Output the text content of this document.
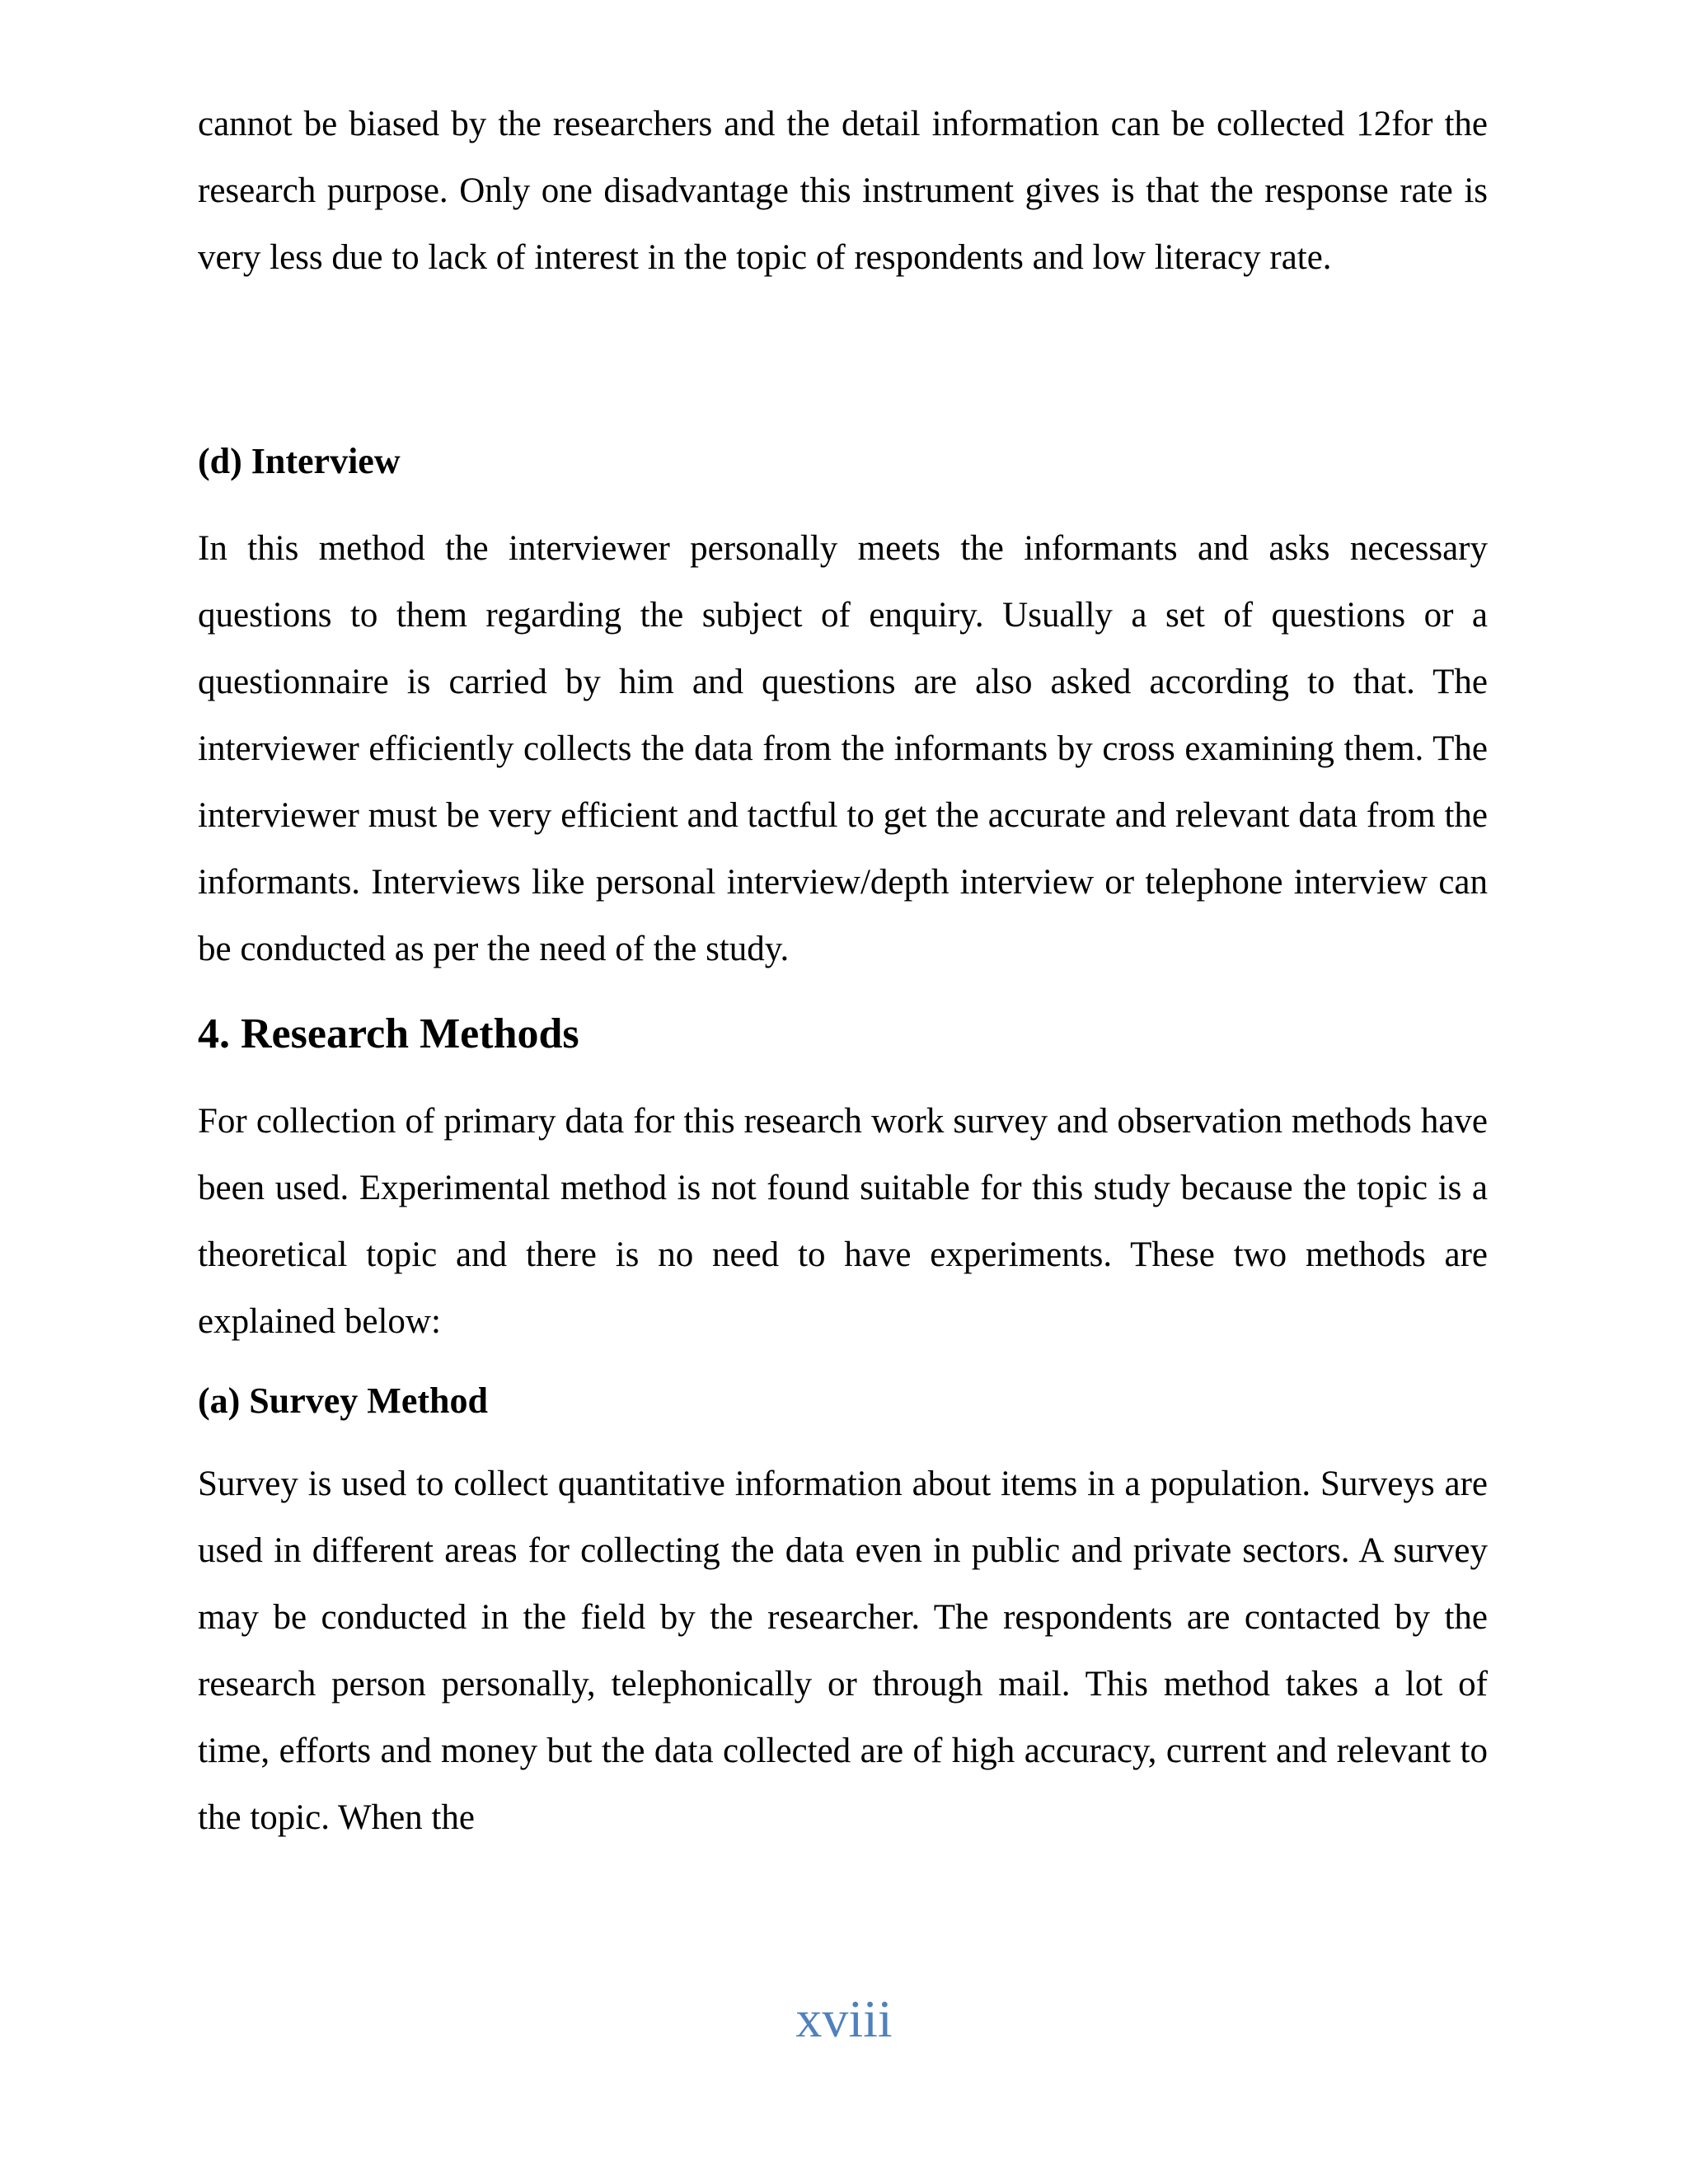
cannot be biased by the researchers and the detail information can be collected 12for the research purpose. Only one disadvantage this instrument gives is that the response rate is very less due to lack of interest in the topic of respondents and low literacy rate.

(d) Interview

In this method the interviewer personally meets the informants and asks necessary questions to them regarding the subject of enquiry. Usually a set of questions or a questionnaire is carried by him and questions are also asked according to that. The interviewer efficiently collects the data from the informants by cross examining them. The interviewer must be very efficient and tactful to get the accurate and relevant data from the informants. Interviews like personal interview/depth interview or telephone interview can be conducted as per the need of the study.

4. Research Methods

For collection of primary data for this research work survey and observation methods have been used. Experimental method is not found suitable for this study because the topic is a theoretical topic and there is no need to have experiments. These two methods are explained below:

(a) Survey Method

Survey is used to collect quantitative information about items in a population. Surveys are used in different areas for collecting the data even in public and private sectors. A survey may be conducted in the field by the researcher. The respondents are contacted by the research person personally, telephonically or through mail. This method takes a lot of time, efforts and money but the data collected are of high accuracy, current and relevant to the topic. When the

xviii
